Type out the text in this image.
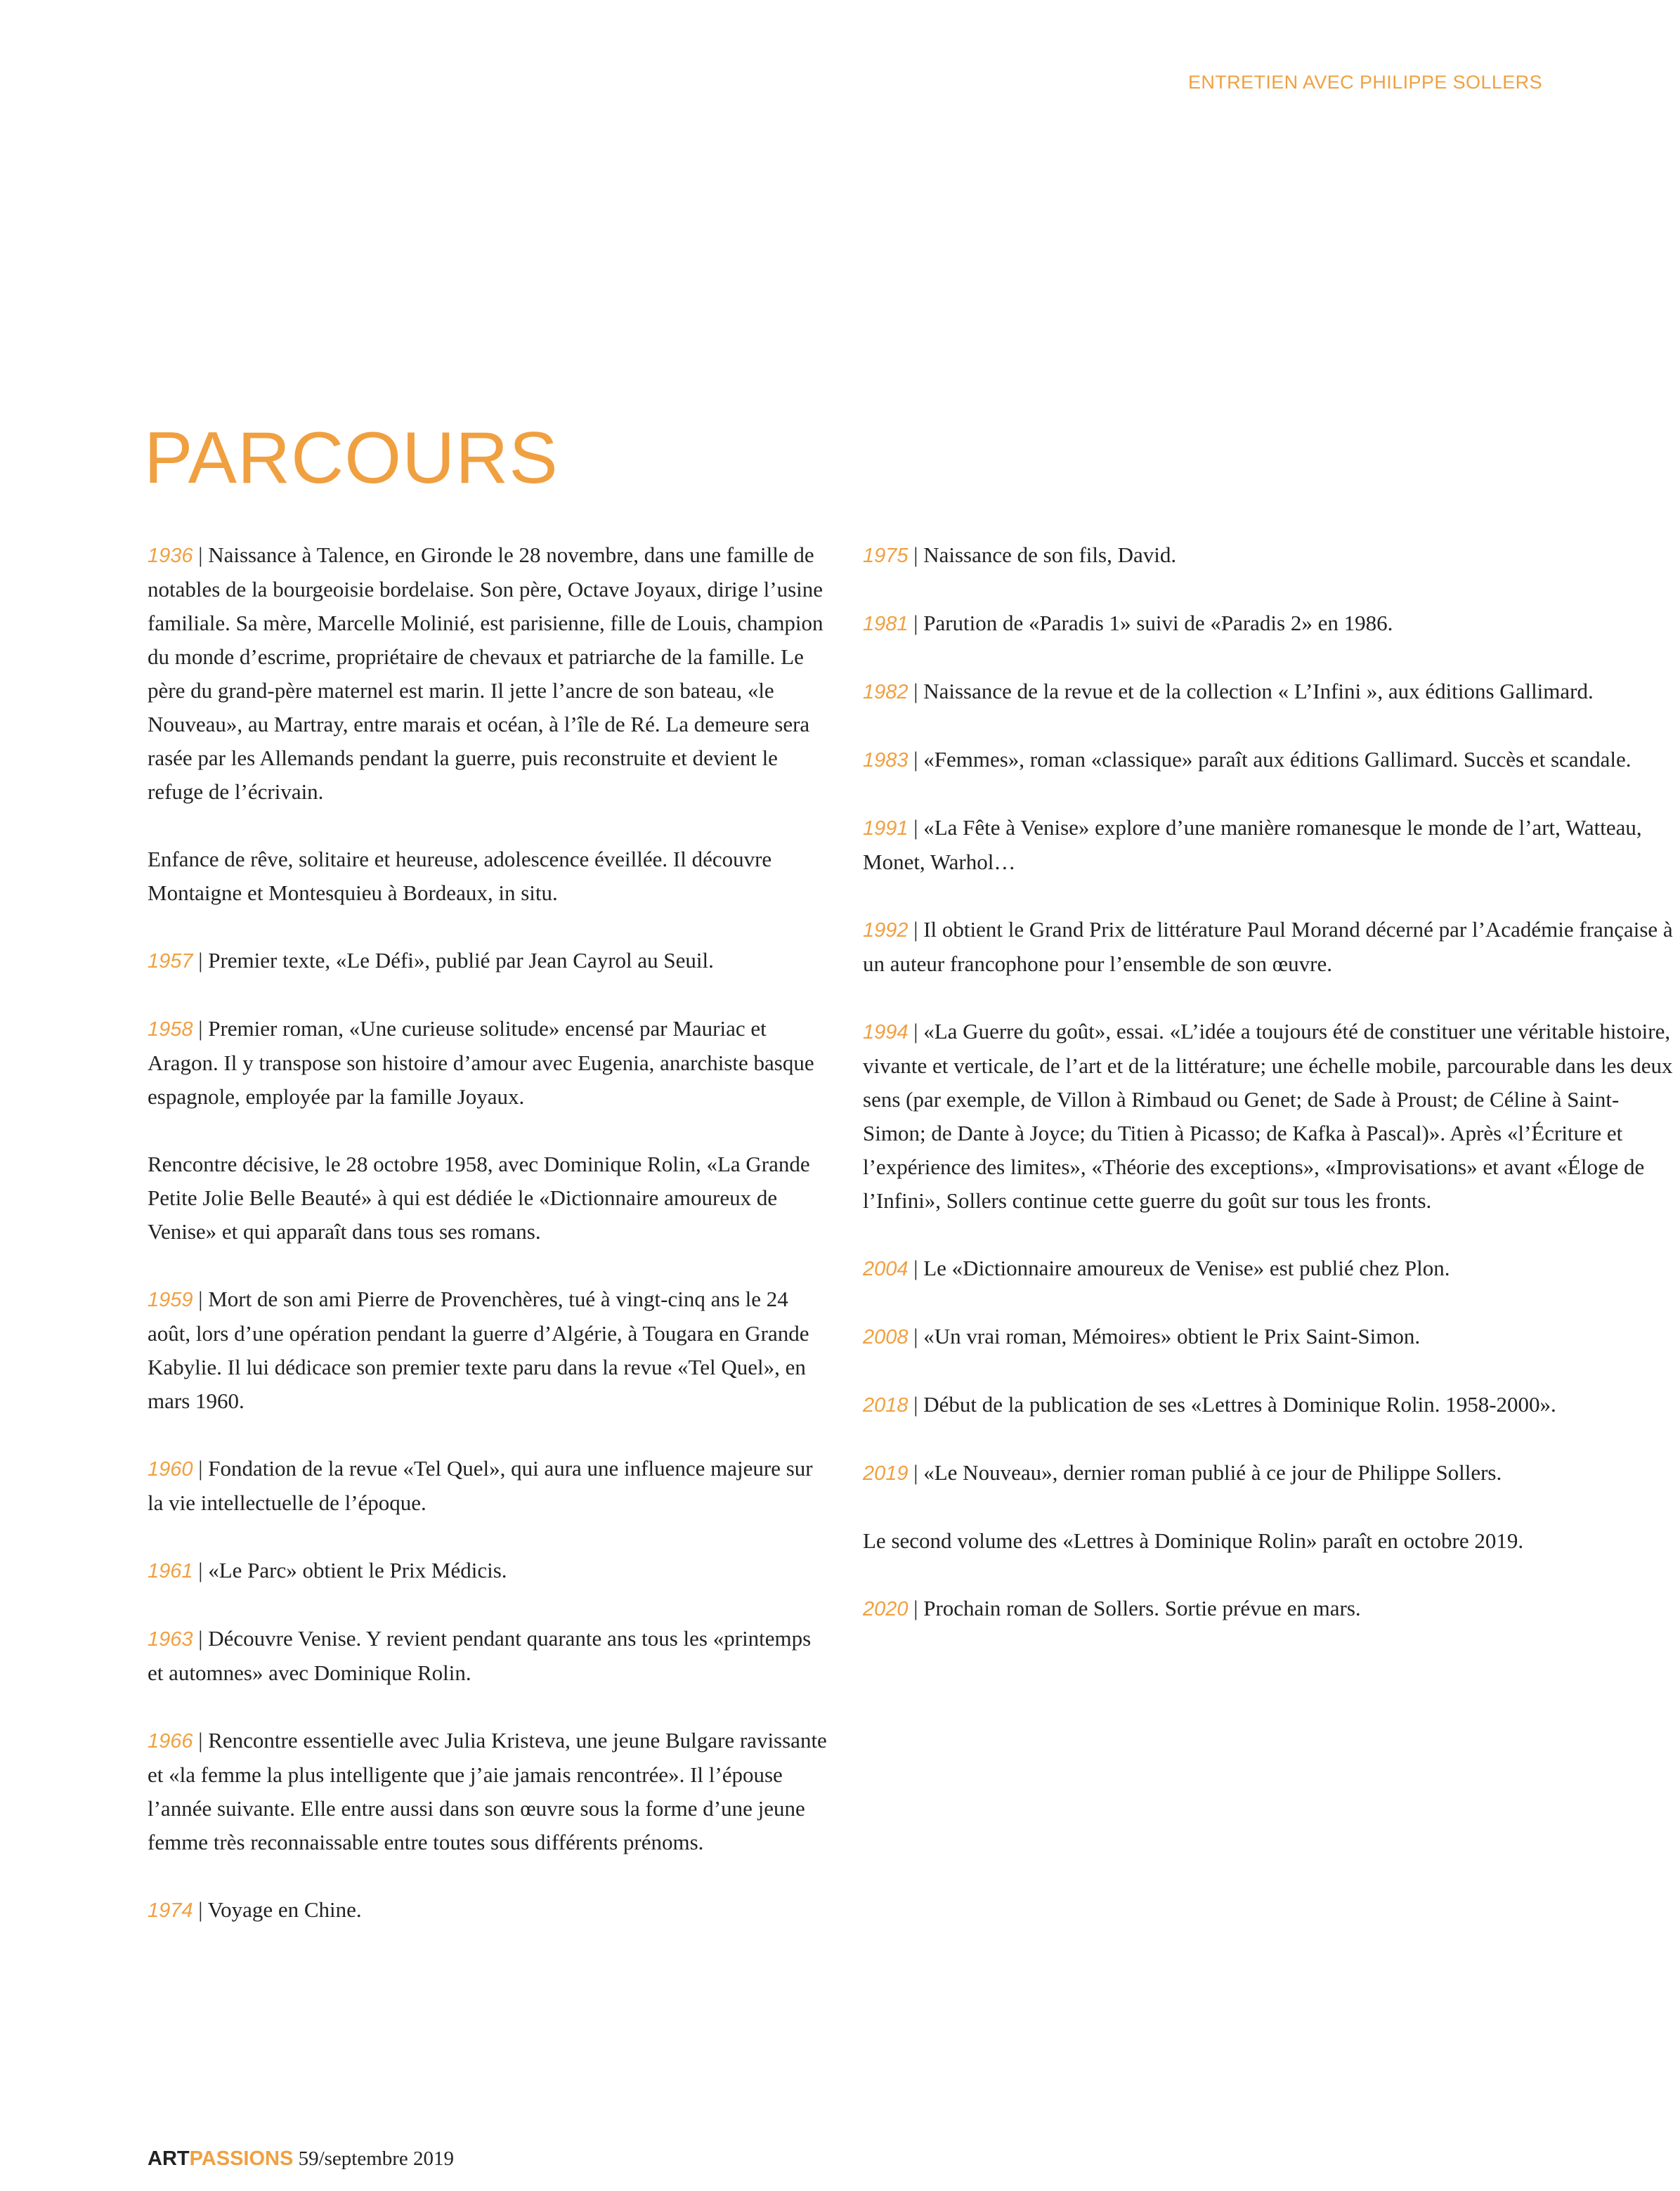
ENTRETIEN AVEC PHILIPPE SOLLERS
PARCOURS

1936 | Naissance à Talence, en Gironde le 28 novembre, dans une famille de notables de la bourgeoisie bordelaise. Son père, Octave Joyaux, dirige l’usine familiale. Sa mère, Marcelle Molinié, est parisienne, fille de Louis, champion du monde d’escrime, propriétaire de chevaux et patriarche de la famille. Le père du grand-père maternel est marin. Il jette l’ancre de son bateau, «le Nouveau», au Martray, entre marais et océan, à l’île de Ré. La demeure sera rasée par les Allemands pendant la guerre, puis reconstruite et devient le refuge de l’écrivain.

Enfance de rêve, solitaire et heureuse, adolescence éveillée. Il découvre Montaigne et Montesquieu à Bordeaux, in situ.

1957 | Premier texte, «Le Défi», publié par Jean Cayrol au Seuil.

1958 | Premier roman, «Une curieuse solitude» encensé par Mauriac et Aragon. Il y transpose son histoire d’amour avec Eugenia, anarchiste basque espagnole, employée par la famille Joyaux.

Rencontre décisive, le 28 octobre 1958, avec Dominique Rolin, «La Grande Petite Jolie Belle Beauté» à qui est dédiée le «Dictionnaire amoureux de Venise» et qui apparaît dans tous ses romans.

1959 | Mort de son ami Pierre de Provenchères, tué à vingt-cinq ans le 24 août, lors d’une opération pendant la guerre d’Algérie, à Tougara en Grande Kabylie. Il lui dédicace son premier texte paru dans la revue «Tel Quel», en mars 1960.

1960 | Fondation de la revue «Tel Quel», qui aura une influence majeure sur la vie intellectuelle de l’époque.

1961 | «Le Parc» obtient le Prix Médicis.

1963 | Découvre Venise. Y revient pendant quarante ans tous les «printemps et automnes» avec Dominique Rolin.

1966 | Rencontre essentielle avec Julia Kristeva, une jeune Bulgare ravissante et «la femme la plus intelligente que j’aie jamais rencontrée». Il l’épouse l’année suivante. Elle entre aussi dans son œuvre sous la forme d’une jeune femme très reconnaissable entre toutes sous différents prénoms.

1974 | Voyage en Chine.

1975 | Naissance de son fils, David.

1981 | Parution de «Paradis 1» suivi de «Paradis 2» en 1986.

1982 | Naissance de la revue et de la collection « L’Infini », aux éditions Gallimard.

1983 | «Femmes», roman «classique» paraît aux éditions Gallimard. Succès et scandale.

1991 | «La Fête à Venise» explore d’une manière romanesque le monde de l’art, Watteau, Monet, Warhol…

1992 | Il obtient le Grand Prix de littérature Paul Morand décerné par l’Académie française à un auteur francophone pour l’ensemble de son œuvre.

1994 | «La Guerre du goût», essai. «L’idée a toujours été de constituer une véritable histoire, vivante et verticale, de l’art et de la littérature; une échelle mobile, parcourable dans les deux sens (par exemple, de Villon à Rimbaud ou Genet; de Sade à Proust; de Céline à Saint-Simon; de Dante à Joyce; du Titien à Picasso; de Kafka à Pascal)». Après «l’Écriture et l’expérience des limites», «Théorie des exceptions», «Improvisations» et avant «Éloge de l’Infini», Sollers continue cette guerre du goût sur tous les fronts.

2004 | Le «Dictionnaire amoureux de Venise» est publié chez Plon.

2008 | «Un vrai roman, Mémoires» obtient le Prix Saint-Simon.

2018 | Début de la publication de ses «Lettres à Dominique Rolin. 1958-2000».

2019 | «Le Nouveau», dernier roman publié à ce jour de Philippe Sollers.

Le second volume des «Lettres à Dominique Rolin» paraît en octobre 2019.

2020 | Prochain roman de Sollers. Sortie prévue en mars.

ARTPASSIONS 59/septembre 2019
